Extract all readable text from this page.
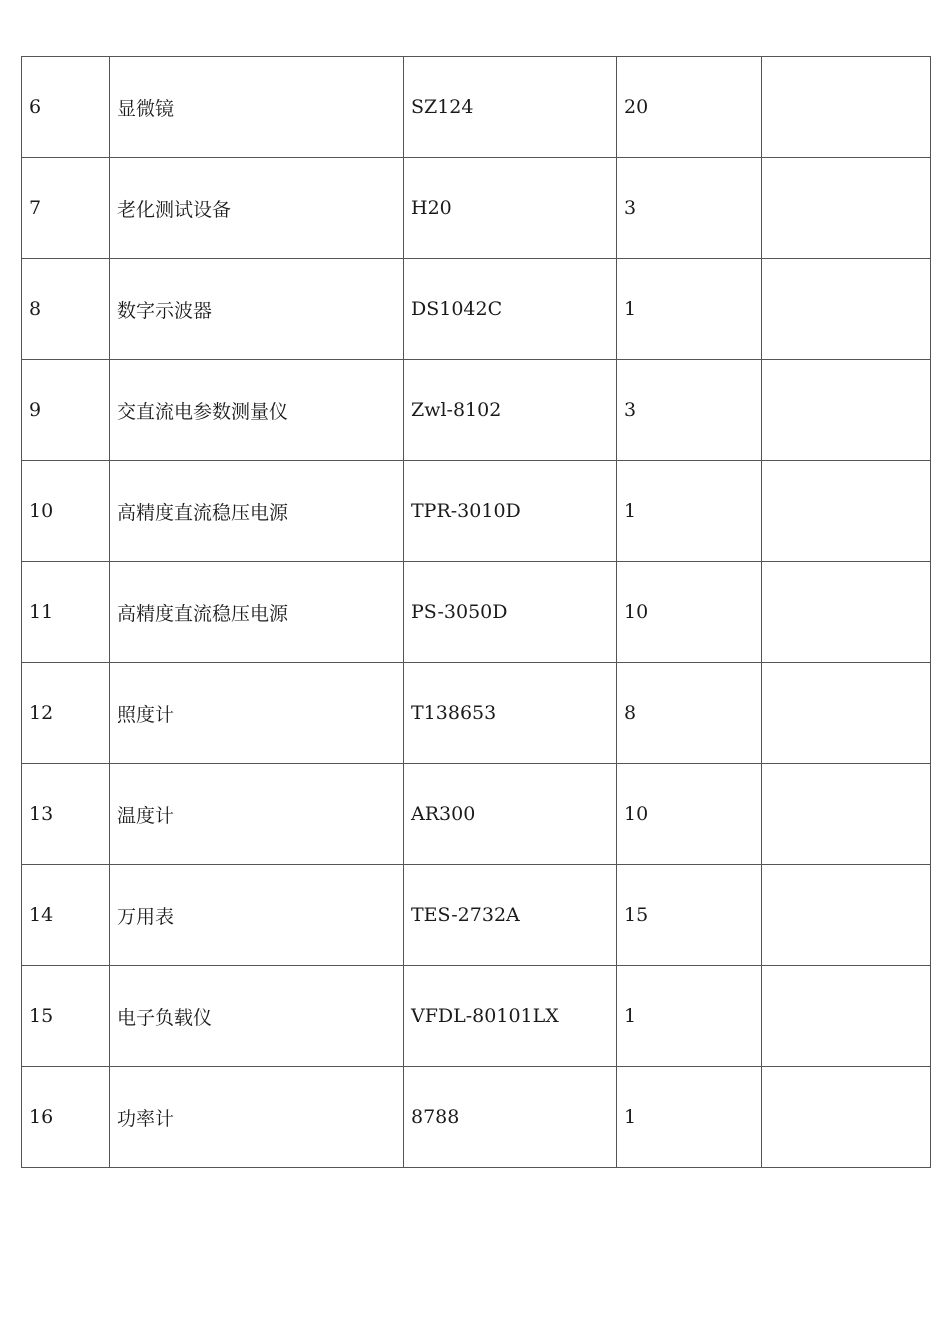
6	显微镜	SZ124	20	
7	老化测试设备	H20	3	
8	数字示波器	DS1042C	1	
9	交直流电参数测量仪	Zwl-8102	3	
10	高精度直流稳压电源	TPR-3010D	1	
11	高精度直流稳压电源	PS-3050D	10	
12	照度计	T138653	8	
13	温度计	AR300	10	
14	万用表	TES-2732A	15	
15	电子负载仪	VFDL-80101LX	1	
16	功率计	8788	1	
